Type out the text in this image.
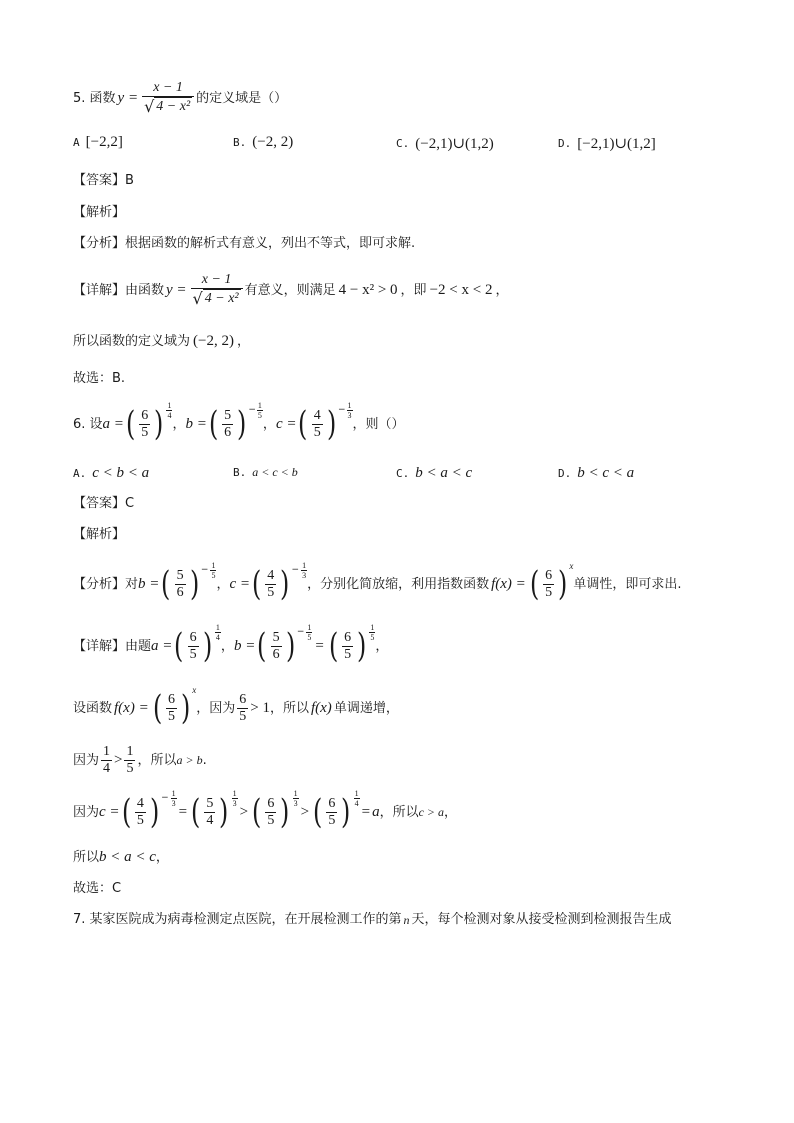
5. 函数 $y = \frac{x - 1}{\text{√ 4 − x²}}$ 的定义域是（）
A [−2,2]	B. (−2, 2)	C. (−2,1)∪(1,2)	D. [−2,1)∪(1,2]
【答案】B
【解析】
【分析】根据函数的解析式有意义，列出不等式，即可求解.
【详解】由函数 $y = \frac{x - 1}{\text{√ 4 − x²}}$ 有意义，则满足 4 − x² > 0 ，即 −2 < x < 2 ，
所以函数的定义域为 (−2, 2) ，
故选：B.
6. 设 a = ( $\frac{6}{5}$ ) 1
4
， b = ( $\frac{5}{6}$ ) − 1
5
， c = ( $\frac{4}{5}$ ) − 1
3
，则（）
A. c < b < a	B. a < c < b	C. b < a < c	D. b < c < a
【答案】C
【解析】
【分析】对 b = ( $\frac{5}{6}$ ) − 1
5
， c = ( $\frac{4}{5}$ ) − 1
3
，分别化简放缩，利用指数函数 f(x) = ( $\frac{6}{5}$ ) x
单调性，即可求出.
【详解】由题 a = ( $\frac{6}{5}$ ) 1
4
， b = ( $\frac{5}{6}$ ) − 1
5
= ( $\frac{6}{5}$ ) 1
5
，
设函数 f(x) = ( $\frac{6}{5}$ ) x
，因为 $\frac{6}{5} > 1$ ，所以 f(x) 单调递增，
因为 $\frac{1}{4} > \frac{1}{5}$ ，所以 a > b .
因为 c = ( $\frac{4}{5}$ ) − 1
3
= ( $\frac{5}{4}$ ) 1
3
> ( $\frac{6}{5}$ ) 1
3
> ( $\frac{6}{5}$ ) 1
4
= a ，所以 c > a ，
所以 b < a < c ，
故选：C
7. 某家医院成为病毒检测定点医院，在开展检测工作的第 n 天，每个检测对象从接受检测到检测报告生成
